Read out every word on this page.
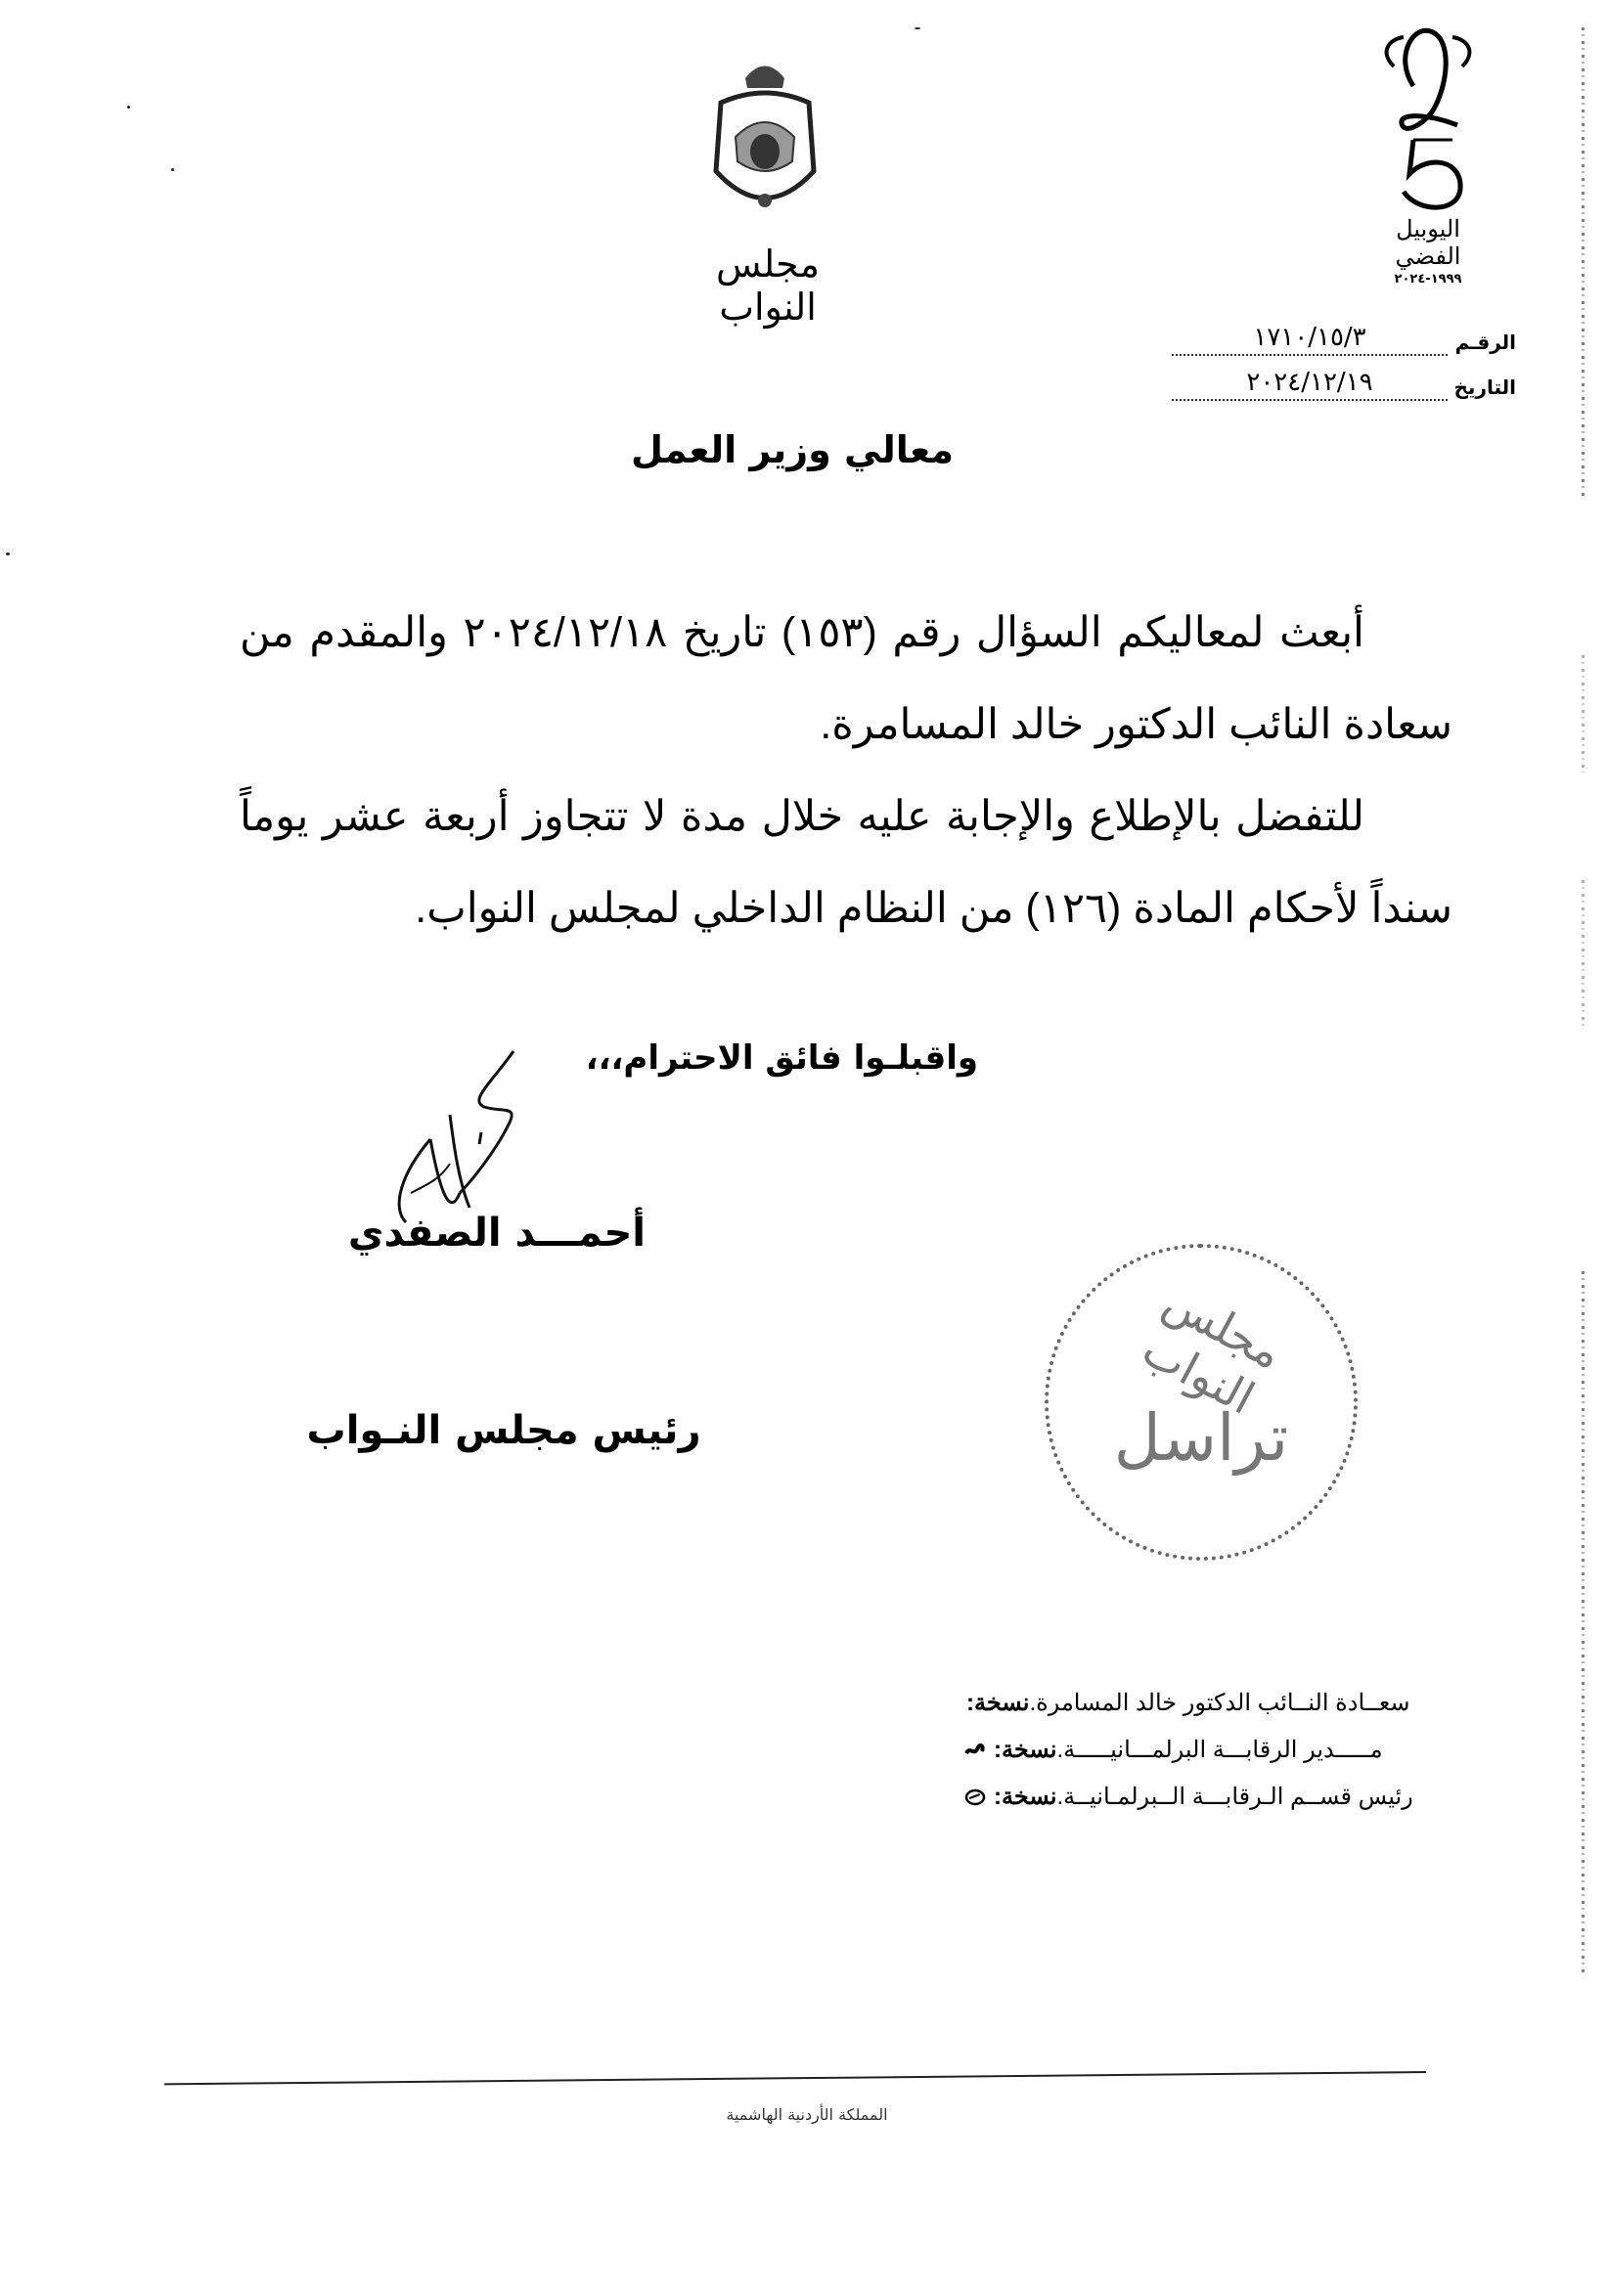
اليوبيل الفضي
١٩٩٩-٢٠٢٤
مجلس النواب
الرقـم
١٧١٠/١٥/٣
التاريخ
٢٠٢٤/١٢/١٩
معالي وزير العمل

أبعث لمعاليكم السؤال رقم (١٥٣) تاريخ ٢٠٢٤/١٢/١٨ والمقدم من سعادة النائب الدكتور خالد المسامرة.

للتفضل بالإطلاع والإجابة عليه خلال مدة لا تتجاوز أربعة عشر يوماً سنداً لأحكام المادة (١٢٦) من النظام الداخلي لمجلس النواب.

واقبلـوا فائق الاحترام،،،
أحمـــد الصفدي
رئيس مجلس النـواب
مجلس النواب
تراسل
نسخة: سعــادة النــائب الدكتور خالد المسامرة.
نسخة: مـــــدير الرقابـــة البرلمـــانيـــــة.
نسخة: رئيس قســم الـرقابـــة الــبرلمـانيــة.
المملكة الأردنية الهاشمية
